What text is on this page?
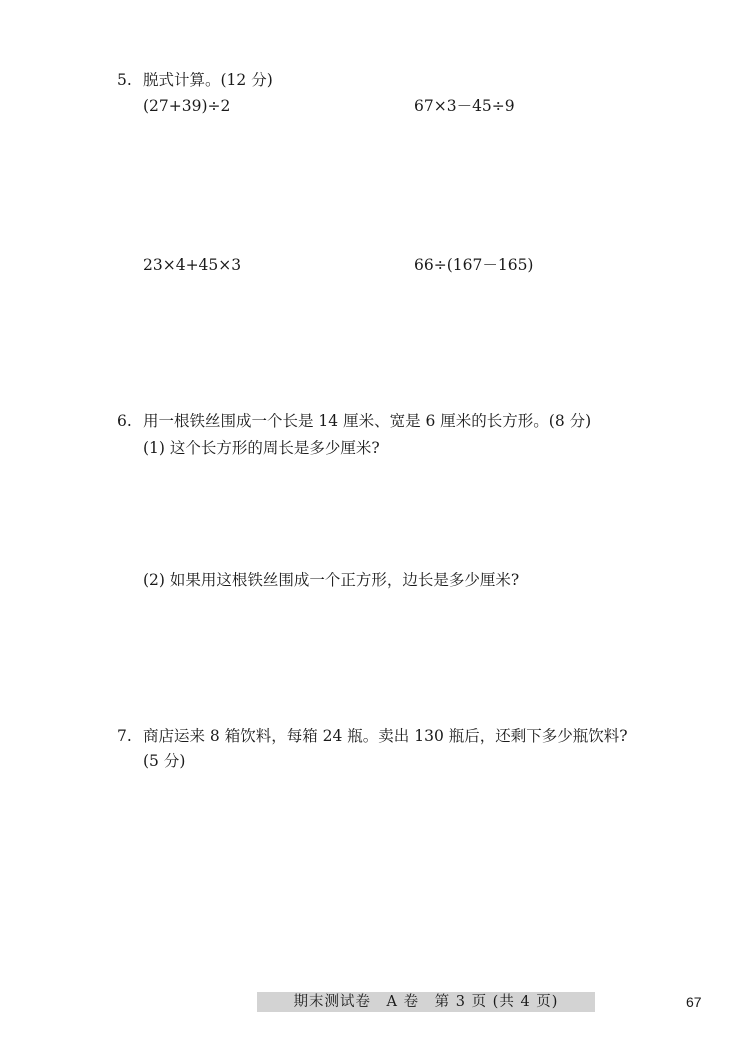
5. 脱式计算。(12 分)
(27+39)÷2	67×3－45÷9
23×4+45×3	66÷(167－165)
6. 用一根铁丝围成一个长是 14 厘米、宽是 6 厘米的长方形。(8 分)
(1) 这个长方形的周长是多少厘米?
(2) 如果用这根铁丝围成一个正方形，边长是多少厘米?
7. 商店运来 8 箱饮料，每箱 24 瓶。卖出 130 瓶后，还剩下多少瓶饮料?
(5 分)
期末测试卷　A 卷　第 3 页 (共 4 页)	67
